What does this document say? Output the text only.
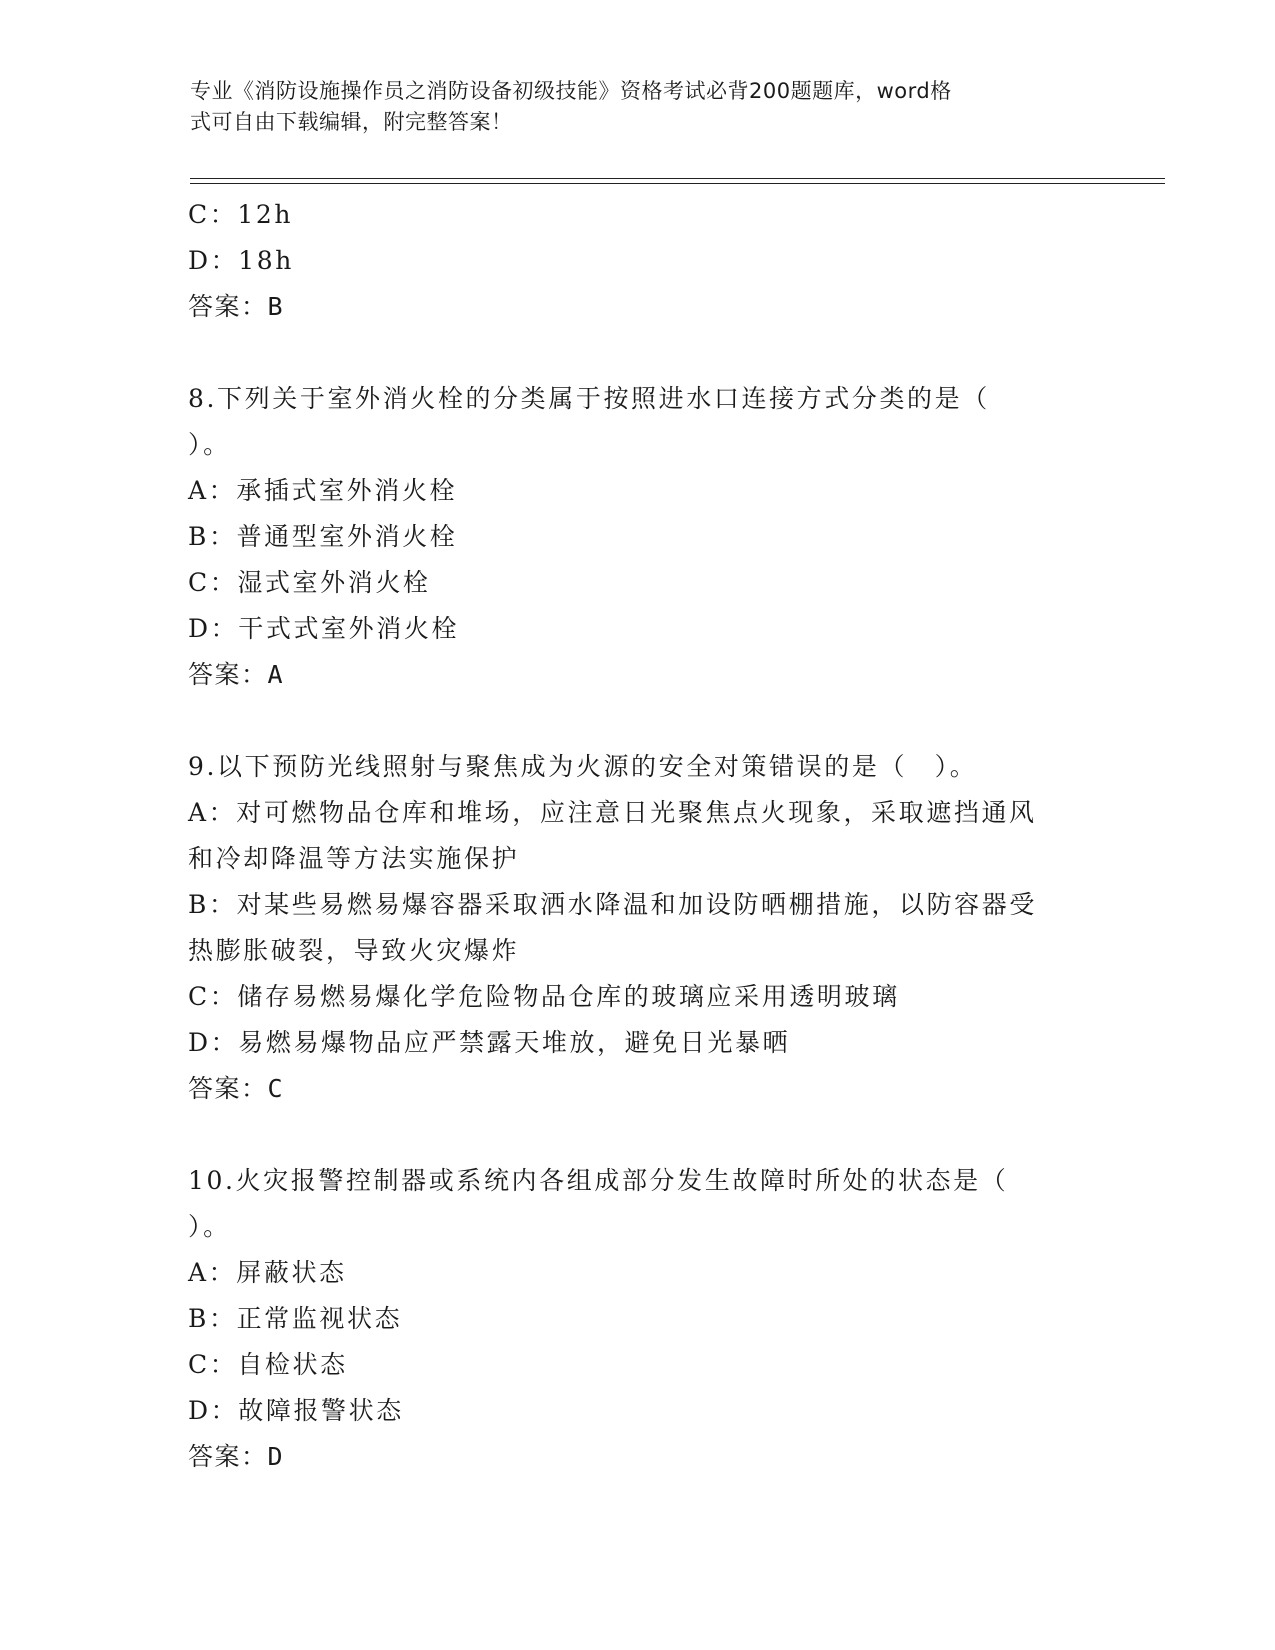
专业《消防设施操作员之消防设备初级技能》资格考试必背200题题库，word格
式可自由下载编辑，附完整答案！
C：12h
D：18h
答案：B
8.下列关于室外消火栓的分类属于按照进水口连接方式分类的是（
）。
A：承插式室外消火栓
B：普通型室外消火栓
C：湿式室外消火栓
D：干式式室外消火栓
答案：A
9.以下预防光线照射与聚焦成为火源的安全对策错误的是（　）。
A：对可燃物品仓库和堆场，应注意日光聚焦点火现象，采取遮挡通风
和冷却降温等方法实施保护
B：对某些易燃易爆容器采取洒水降温和加设防晒棚措施，以防容器受
热膨胀破裂，导致火灾爆炸
C：储存易燃易爆化学危险物品仓库的玻璃应采用透明玻璃
D：易燃易爆物品应严禁露天堆放，避免日光暴晒
答案：C
10.火灾报警控制器或系统内各组成部分发生故障时所处的状态是（
）。
A：屏蔽状态
B：正常监视状态
C：自检状态
D：故障报警状态
答案：D
